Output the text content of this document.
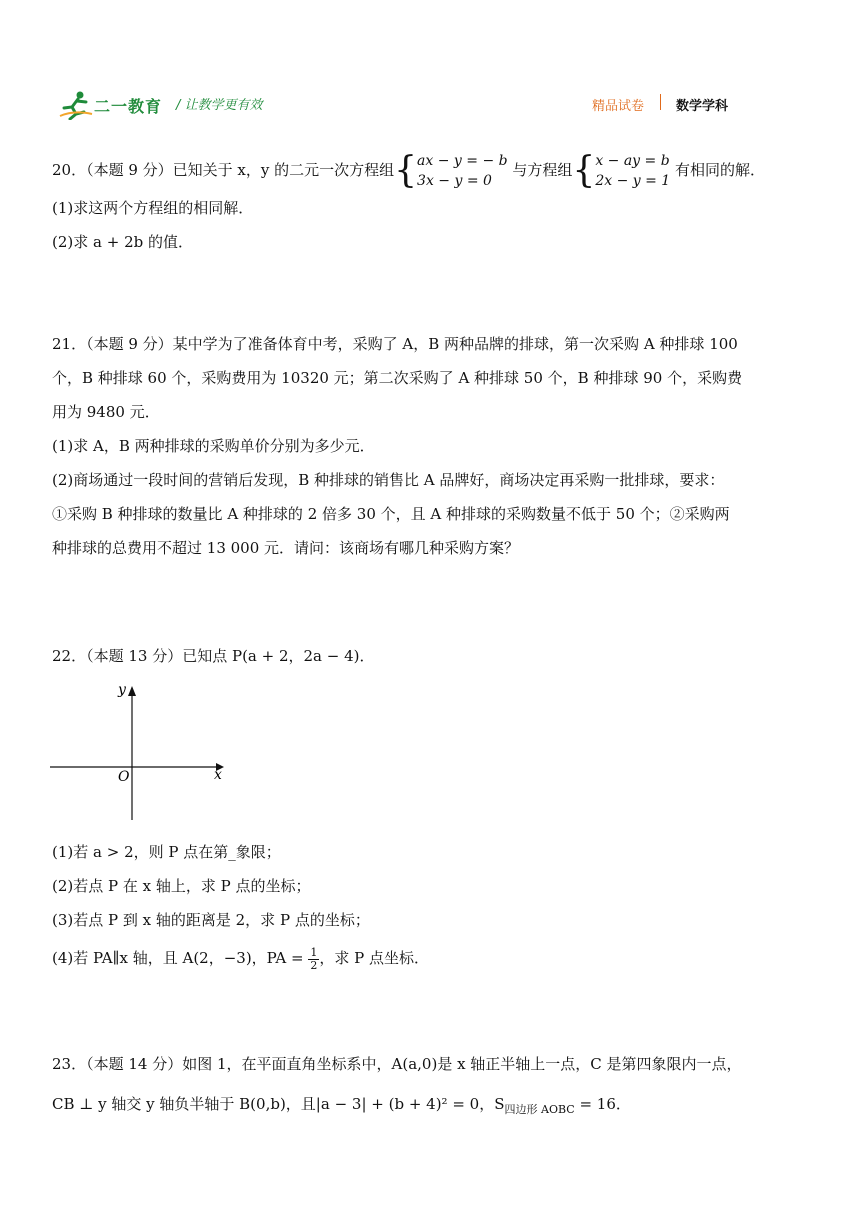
二一教育 / 让教学更有效	精品试卷 数学学科
20．（本题 9 分）已知关于 x，y 的二元一次方程组{ ax − y = − b
3x − y = 0
与方程组{ x − ay = b
2x − y = 1
有相同的解．
(1)求这两个方程组的相同解．
(2)求 a + 2b 的值．
21．（本题 9 分）某中学为了准备体育中考，采购了 A，B 两种品牌的排球，第一次采购 A 种排球 100
个，B 种排球 60 个，采购费用为 10320 元；第二次采购了 A 种排球 50 个，B 种排球 90 个，采购费
用为 9480 元．
(1)求 A，B 两种排球的采购单价分别为多少元．
(2)商场通过一段时间的营销后发现，B 种排球的销售比 A 品牌好，商场决定再采购一批排球，要求：
①采购 B 种排球的数量比 A 种排球的 2 倍多 30 个，且 A 种排球的采购数量不低于 50 个；②采购两
种排球的总费用不超过 13 000 元．请问：该商场有哪几种采购方案？
22．（本题 13 分）已知点 P(a + 2，2a − 4)．
y
x
O
(1)若 a > 2，则 P 点在第_象限；
(2)若点 P 在 x 轴上，求 P 点的坐标；
(3)若点 P 到 x 轴的距离是 2，求 P 点的坐标；
(4)若 PA∥x 轴，且 A(2，−3)，PA = $\frac{1}{2}$ ，求 P 点坐标．
23．（本题 14 分）如图 1，在平面直角坐标系中，A(a,0)是 x 轴正半轴上一点，C 是第四象限内一点，
CB ⊥ y 轴交 y 轴负半轴于 B(0,b)，且|a − 3| + (b + 4)² = 0，$S_{四边形 AOBC} = 16$．
